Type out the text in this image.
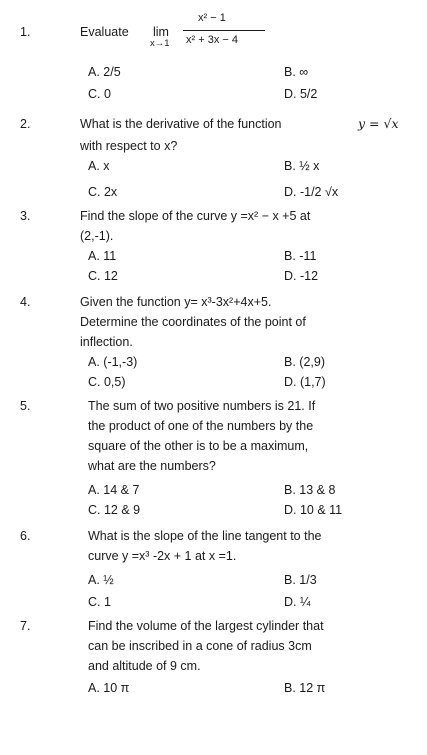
1.	Evaluate lim
x→1
x² − 1
x² + 3x − 4
A. 2/5	B. ∞
C. 0	D. 5/2
2.	What is the derivative of the function	y = √x
with respect to x?
A. x	B. ½ x
C. 2x	D. -1/2 √x
3.	Find the slope of the curve y =x² − x +5 at
(2,-1).
A. 11	B. -11
C. 12	D. -12
4.	Given the function y= x³-3x²+4x+5.
Determine the coordinates of the point of
inflection.
A. (-1,-3)	B. (2,9)
C. 0,5)	D. (1,7)
5.	The sum of two positive numbers is 21. If
the product of one of the numbers by the
square of the other is to be a maximum,
what are the numbers?
A. 14 & 7	B. 13 & 8
C. 12 & 9	D. 10 & 11
6.	What is the slope of the line tangent to the
curve y =x³ -2x + 1 at x =1.
A. ½	B. 1/3
C. 1	D. ¼
7.	Find the volume of the largest cylinder that
can be inscribed in a cone of radius 3cm
and altitude of 9 cm.
A. 10 π	B. 12 π
